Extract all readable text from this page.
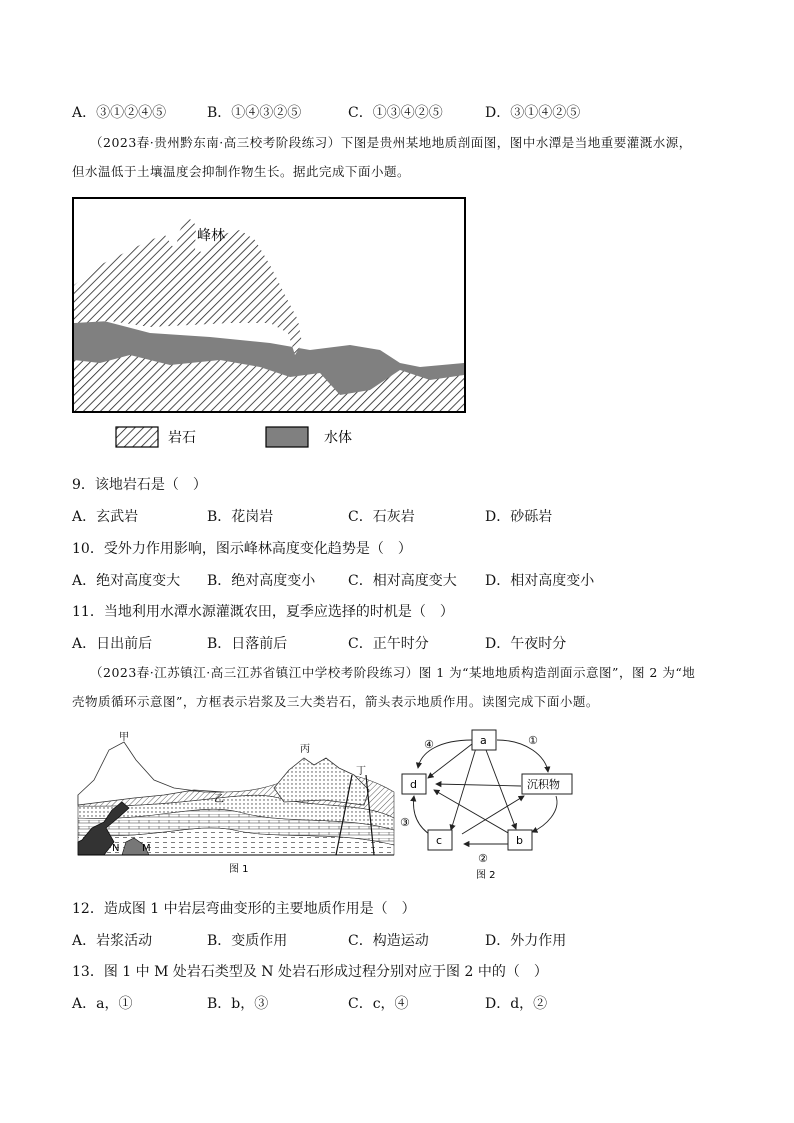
A．③①②④⑤	B．①④③②⑤	C．①③④②⑤	D．③①④②⑤
（2023春·贵州黔东南·高三校考阶段练习）下图是贵州某地地质剖面图，图中水潭是当地重要灌溉水源，
但水温低于土壤温度会抑制作物生长。据此完成下面小题。
峰林
岩石	水体
9．该地岩石是（　）
A．玄武岩	B．花岗岩	C．石灰岩	D．砂砾岩
10．受外力作用影响，图示峰林高度变化趋势是（　）
A．绝对高度变大 B．绝对高度变小 C．相对高度变大 D．相对高度变小
11．当地利用水潭水源灌溉农田，夏季应选择的时机是（　）
A．日出前后	B．日落前后	C．正午时分	D．午夜时分
（2023春·江苏镇江·高三江苏省镇江中学校考阶段练习）图 1 为“某地地质构造剖面示意图”，图 2 为“地
壳物质循环示意图”，方框表示岩浆及三大类岩石，箭头表示地质作用。读图完成下面小题。
甲
丙
乙
丁
N M
图 1
a
d	沉积物
c	b
①
④
③
②
图 2
12．造成图 1 中岩层弯曲变形的主要地质作用是（　）
A．岩浆活动	B．变质作用	C．构造运动	D．外力作用
13．图 1 中 M 处岩石类型及 N 处岩石形成过程分别对应于图 2 中的（　）
A．a，①	B．b，③	C．c，④	D．d，②
